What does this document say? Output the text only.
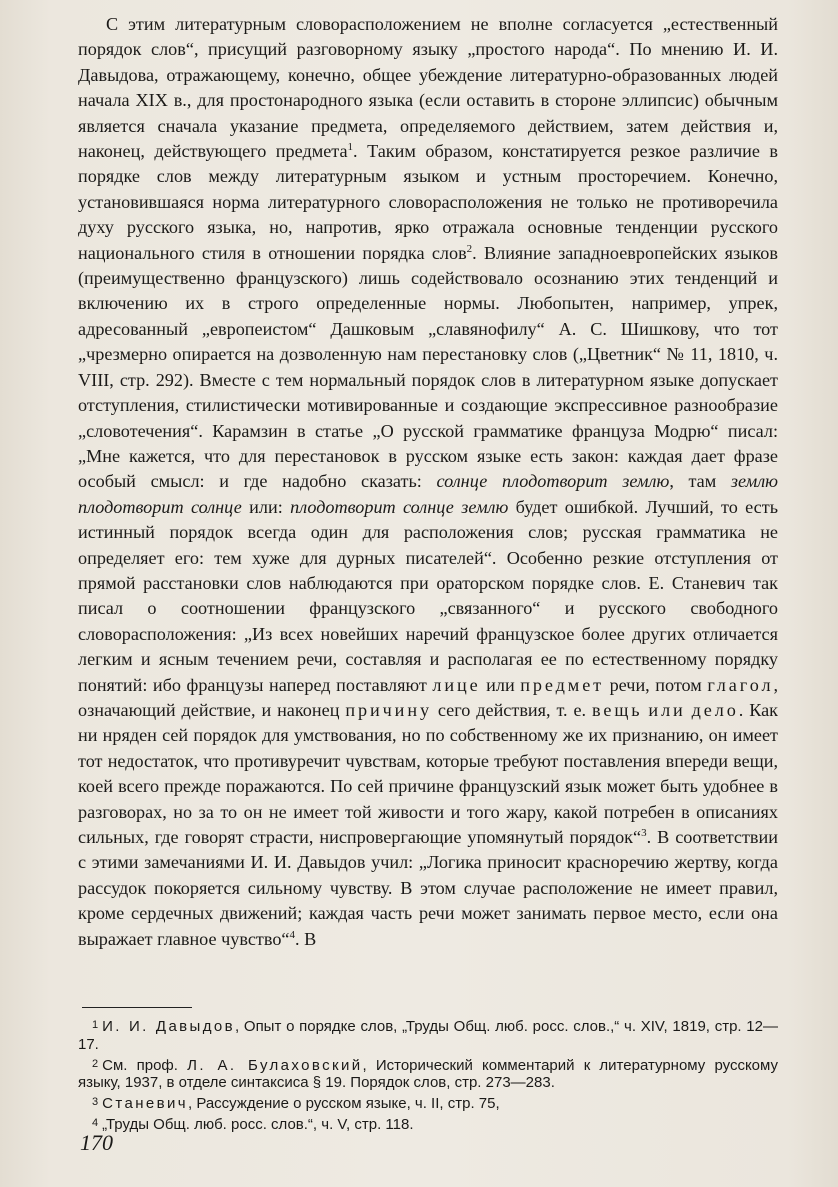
С этим литературным словорасположением не вполне согласуется „естественный порядок слов“, присущий разговорному языку „простого народа“. По мнению И. И. Давыдова, отражающему, конечно, общее убеждение литературно-образованных людей начала XIX в., для простонародного языка (если оставить в стороне эллипсис) обычным является сначала указание предмета, определяемого действием, затем действия и, наконец, действующего предмета$^1$. Таким образом, констатируется резкое различие в порядке слов между литературным языком и устным просторечием. Конечно, установившаяся норма литературного словорасположения не только не противоречила духу русского языка, но, напротив, ярко отражала основные тенденции русского национального стиля в отношении порядка слов$^2$. Влияние западноевропейских языков (преимущественно французского) лишь содействовало осознанию этих тенденций и включению их в строго определенные нормы. Любопытен, например, упрек, адресованный „европеистом“ Дашковым „славянофилу“ А. С. Шишкову, что тот „чрезмерно опирается на дозволенную нам перестановку слов („Цветник“ № 11, 1810, ч. VIII, стр. 292). Вместе с тем нормальный порядок слов в литературном языке допускает отступления, стилистически мотивированные и создающие экспрессивное разнообразие „словотечения“. Карамзин в статье „О русской грамматике француза Модрю“ писал: „Мне кажется, что для перестановок в русском языке есть закон: каждая дает фразе особый смысл: и где надобно сказать: солнце плодотворит землю, там землю плодотворит солнце или: плодотворит солнце землю будет ошибкой. Лучший, то есть истинный порядок всегда один для расположения слов; русская грамматика не определяет его: тем хуже для дурных писателей“. Особенно резкие отступления от прямой расстановки слов наблюдаются при ораторском порядке слов. Е. Станевич так писал о соотношении французского „связанного“ и русского свободного словорасположения: „Из всех новейших наречий французское более других отличается легким и ясным течением речи, составляя и располагая ее по естественному порядку понятий: ибо французы наперед поставляют лице или предмет речи, потом глагол, означающий действие, и наконец причину сего действия, т. е. вещь или дело. Как ни нряден сей порядок для умствования, но по собственному же их признанию, он имеет тот недостаток, что противуречит чувствам, которые требуют поставления впереди вещи, коей всего прежде поражаются. По сей причине французский язык может быть удобнее в разговорах, но за то он не имеет той живости и того жару, какой потребен в описаниях сильных, где говорят страсти, ниспровергающие упомянутый порядок“$^3$. В соответствии с этими замечаниями И. И. Давыдов учил: „Логика приносит красноречию жертву, когда рассудок покоряется сильному чувству. В этом случае расположение не имеет правил, кроме сердечных движений; каждая часть речи может занимать первое место, если она выражает главное чувство“$^4$. В

$^1$ И. И. Давыдов, Опыт о порядке слов, „Труды Общ. люб. росс. слов.,“ ч. XIV, 1819, стр. 12—17.

$^2$ См. проф. Л. А. Булаховский, Исторический комментарий к литературному русскому языку, 1937, в отделе синтаксиса § 19. Порядок слов, стр. 273—283.

$^3$ Станевич, Рассуждение о русском языке, ч. II, стр. 75,

$^4$ „Труды Общ. люб. росс. слов.“, ч. V, стр. 118.

170
